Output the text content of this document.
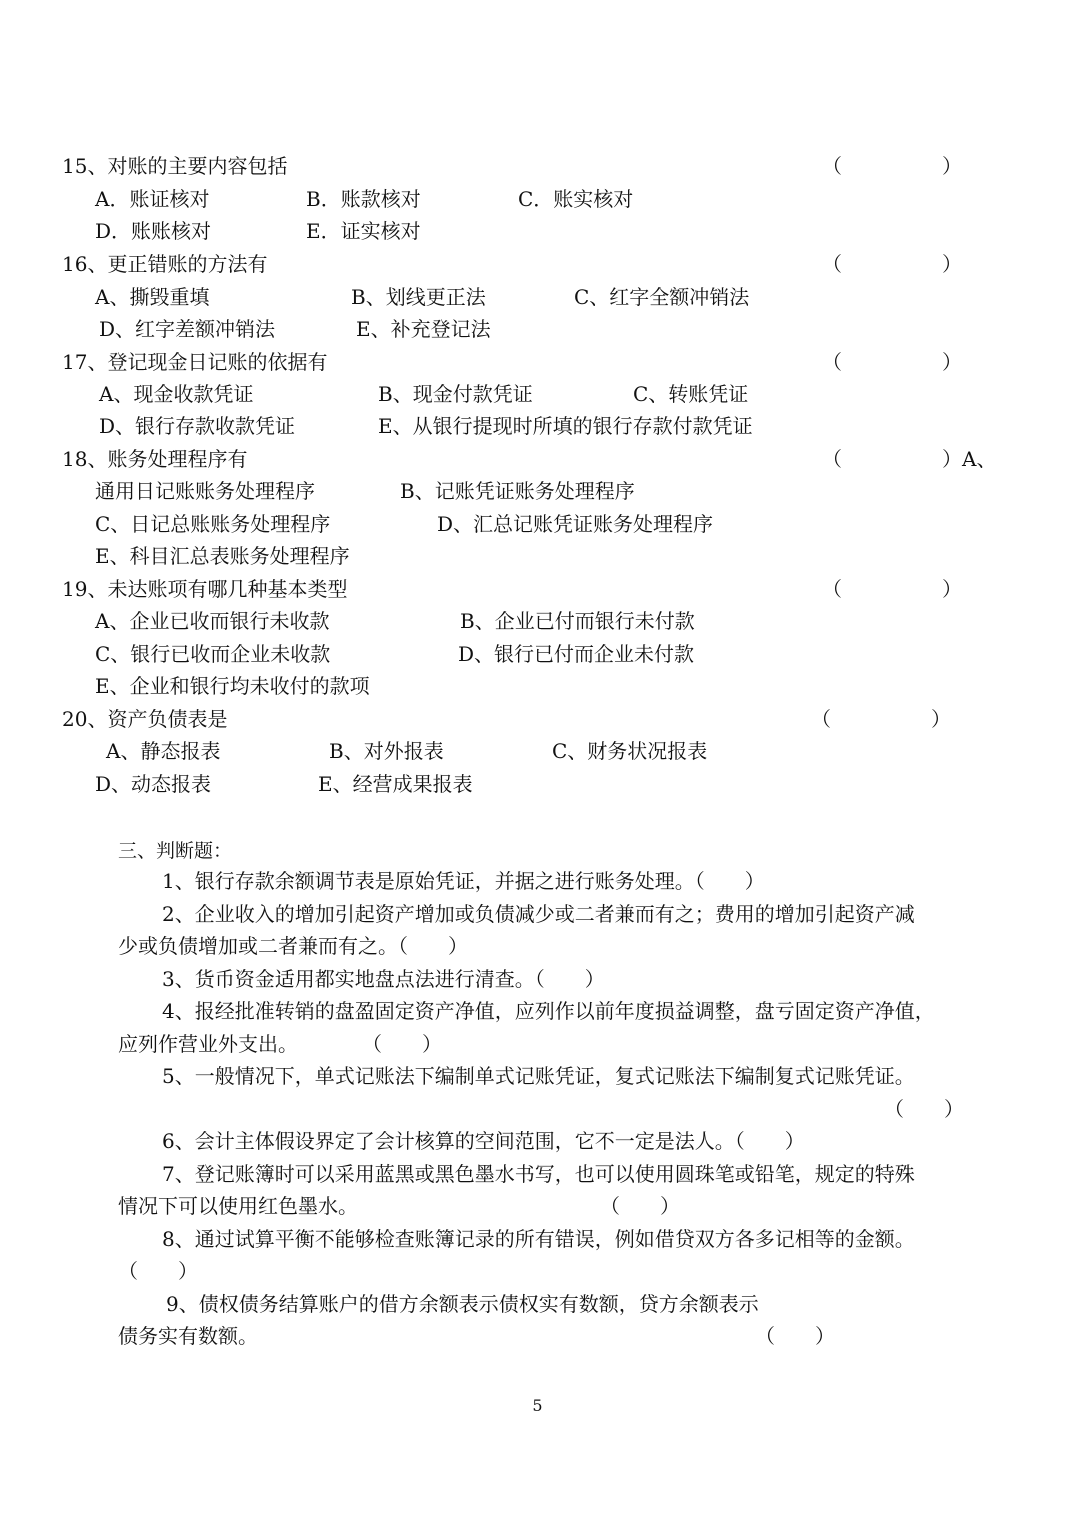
15、对账的主要内容包括	（　　　　　）
A．账证核对	B．账款核对	C．账实核对
D．账账核对	E．证实核对
16、更正错账的方法有	（　　　　　）
A、撕毁重填	B、划线更正法	C、红字全额冲销法
D、红字差额冲销法	E、补充登记法
17、登记现金日记账的依据有	（　　　　　）
A、现金收款凭证	B、现金付款凭证	C、转账凭证
D、银行存款收款凭证	E、从银行提现时所填的银行存款付款凭证
18、账务处理程序有	（　　　　　）A、
通用日记账账务处理程序	B、记账凭证账务处理程序
C、日记总账账务处理程序	D、汇总记账凭证账务处理程序
E、科目汇总表账务处理程序
19、未达账项有哪几种基本类型	（　　　　　）
A、企业已收而银行未收款	B、企业已付而银行未付款
C、银行已收而企业未收款	D、银行已付而企业未付款
E、企业和银行均未收付的款项
20、资产负债表是	（　　　　　）
A、静态报表	B、对外报表	C、财务状况报表
D、动态报表	E、经营成果报表
三、判断题：
1、银行存款余额调节表是原始凭证，并据之进行账务处理。（　　）
2、企业收入的增加引起资产增加或负债减少或二者兼而有之；费用的增加引起资产减
少或负债增加或二者兼而有之。（　　）
3、货币资金适用都实地盘点法进行清查。（　　）
4、报经批准转销的盘盈固定资产净值，应列作以前年度损益调整，盘亏固定资产净值，
应列作营业外支出。	（　　）
5、一般情况下，单式记账法下编制单式记账凭证，复式记账法下编制复式记账凭证。
（　　）
6、会计主体假设界定了会计核算的空间范围，它不一定是法人。（　　）
7、登记账簿时可以采用蓝黑或黑色墨水书写，也可以使用圆珠笔或铅笔，规定的特殊
情况下可以使用红色墨水。	（　　）
8、通过试算平衡不能够检查账簿记录的所有错误，例如借贷双方各多记相等的金额。
（　　）
9、债权债务结算账户的借方余额表示债权实有数额，贷方余额表示
债务实有数额。	（　　）
5
